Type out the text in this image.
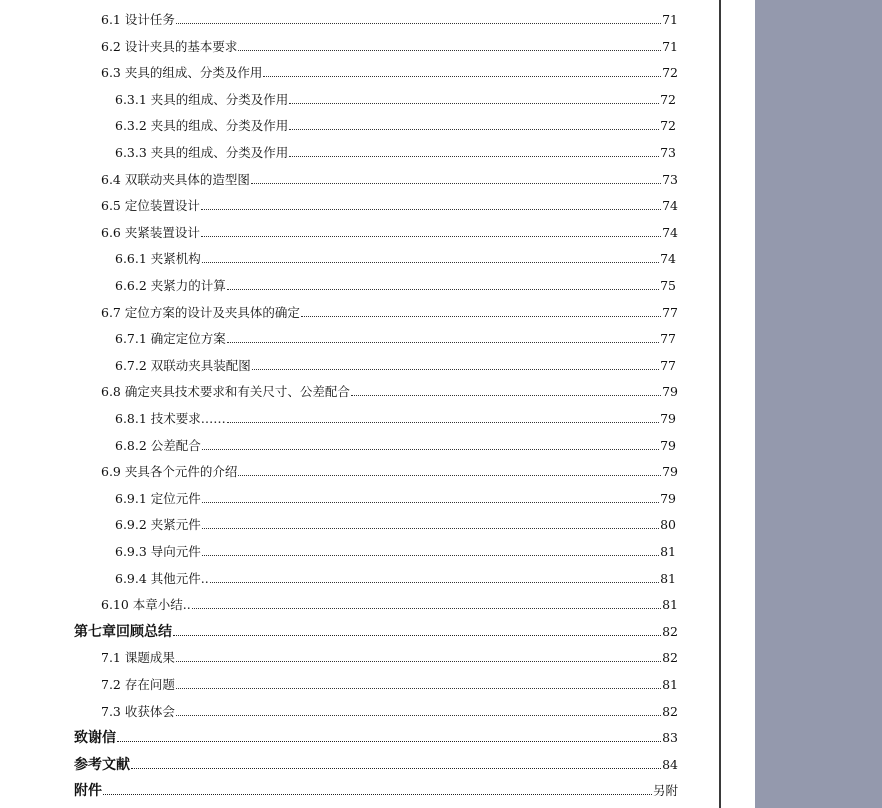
6.1 设计任务	71
6.2 设计夹具的基本要求	71
6.3 夹具的组成、分类及作用	72
6.3.1 夹具的组成、分类及作用	72
6.3.2 夹具的组成、分类及作用	72
6.3.3 夹具的组成、分类及作用	73
6.4 双联动夹具体的造型图	73
6.5 定位装置设计	74
6.6 夹紧装置设计	74
6.6.1 夹紧机构	74
6.6.2 夹紧力的计算	75
6.7 定位方案的设计及夹具体的确定	77
6.7.1 确定定位方案	77
6.7.2 双联动夹具装配图	77
6.8 确定夹具技术要求和有关尺寸、公差配合	79
6.8.1 技术要求……	79
6.8.2 公差配合	79
6.9 夹具各个元件的介绍	79
6.9.1 定位元件	79
6.9.2 夹紧元件	80
6.9.3 导向元件	81
6.9.4 其他元件..	81
6.10 本章小结..	81
第七章回顾总结	82
7.1 课题成果	82
7.2 存在问题	81
7.3 收获体会	82
致谢信	83
参考文献	84
附件	另附
